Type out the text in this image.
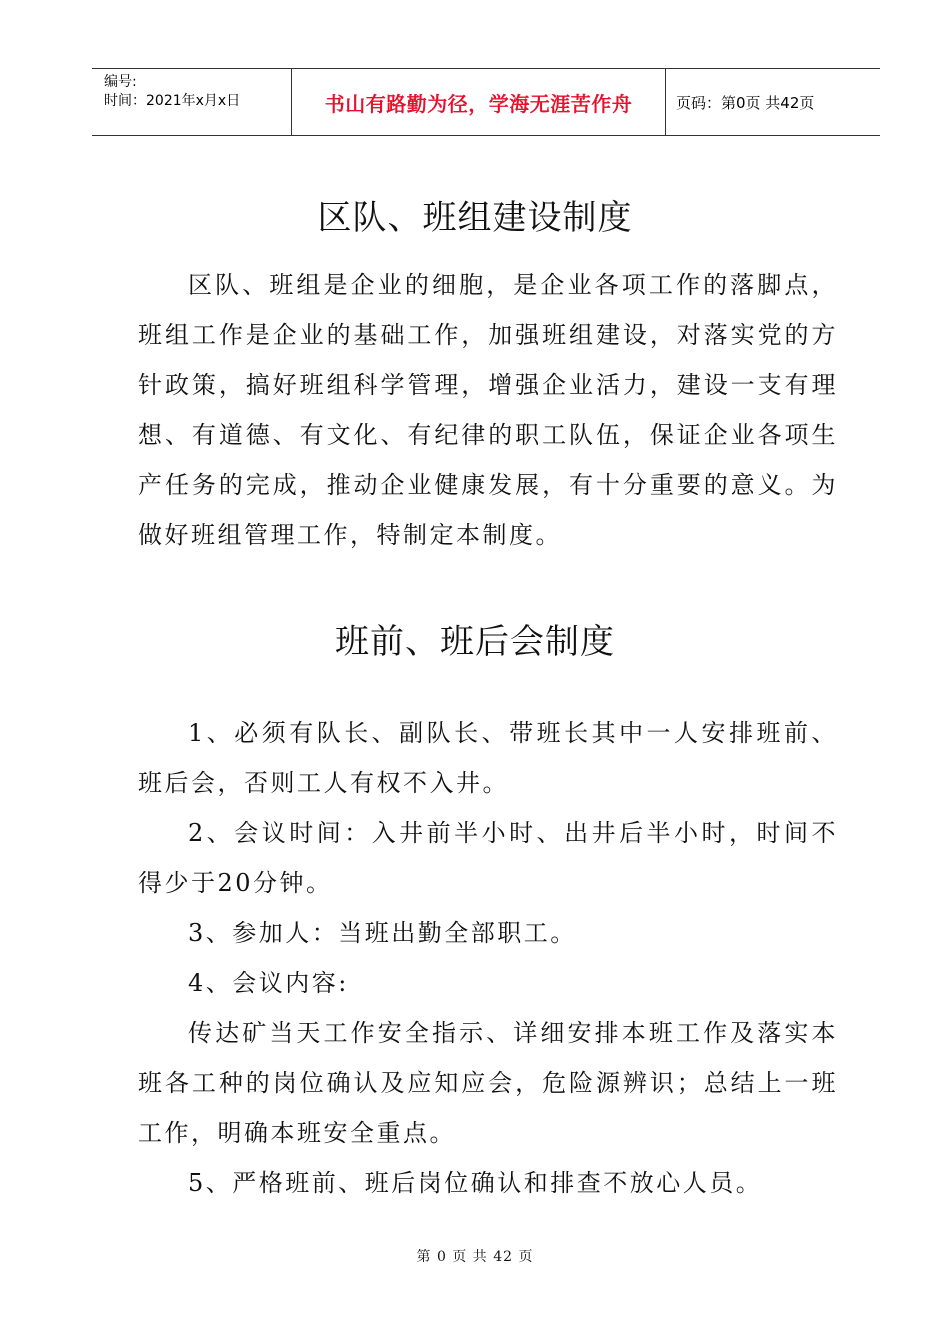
编号:
时间：2021年x月x日	书山有路勤为径，学海无涯苦作舟	页码：第0页 共42页
区队、班组建设制度

区队、班组是企业的细胞，是企业各项工作的落脚点，班组工作是企业的基础工作，加强班组建设，对落实党的方针政策，搞好班组科学管理，增强企业活力，建设一支有理想、有道德、有文化、有纪律的职工队伍，保证企业各项生产任务的完成，推动企业健康发展，有十分重要的意义。为做好班组管理工作，特制定本制度。

班前、班后会制度

1、必须有队长、副队长、带班长其中一人安排班前、班后会，否则工人有权不入井。

2、会议时间：入井前半小时、出井后半小时，时间不得少于20分钟。

3、参加人：当班出勤全部职工。

4、会议内容:

传达矿当天工作安全指示、详细安排本班工作及落实本班各工种的岗位确认及应知应会，危险源辨识；总结上一班工作，明确本班安全重点。

5、严格班前、班后岗位确认和排查不放心人员。

第 0 页 共 42 页
